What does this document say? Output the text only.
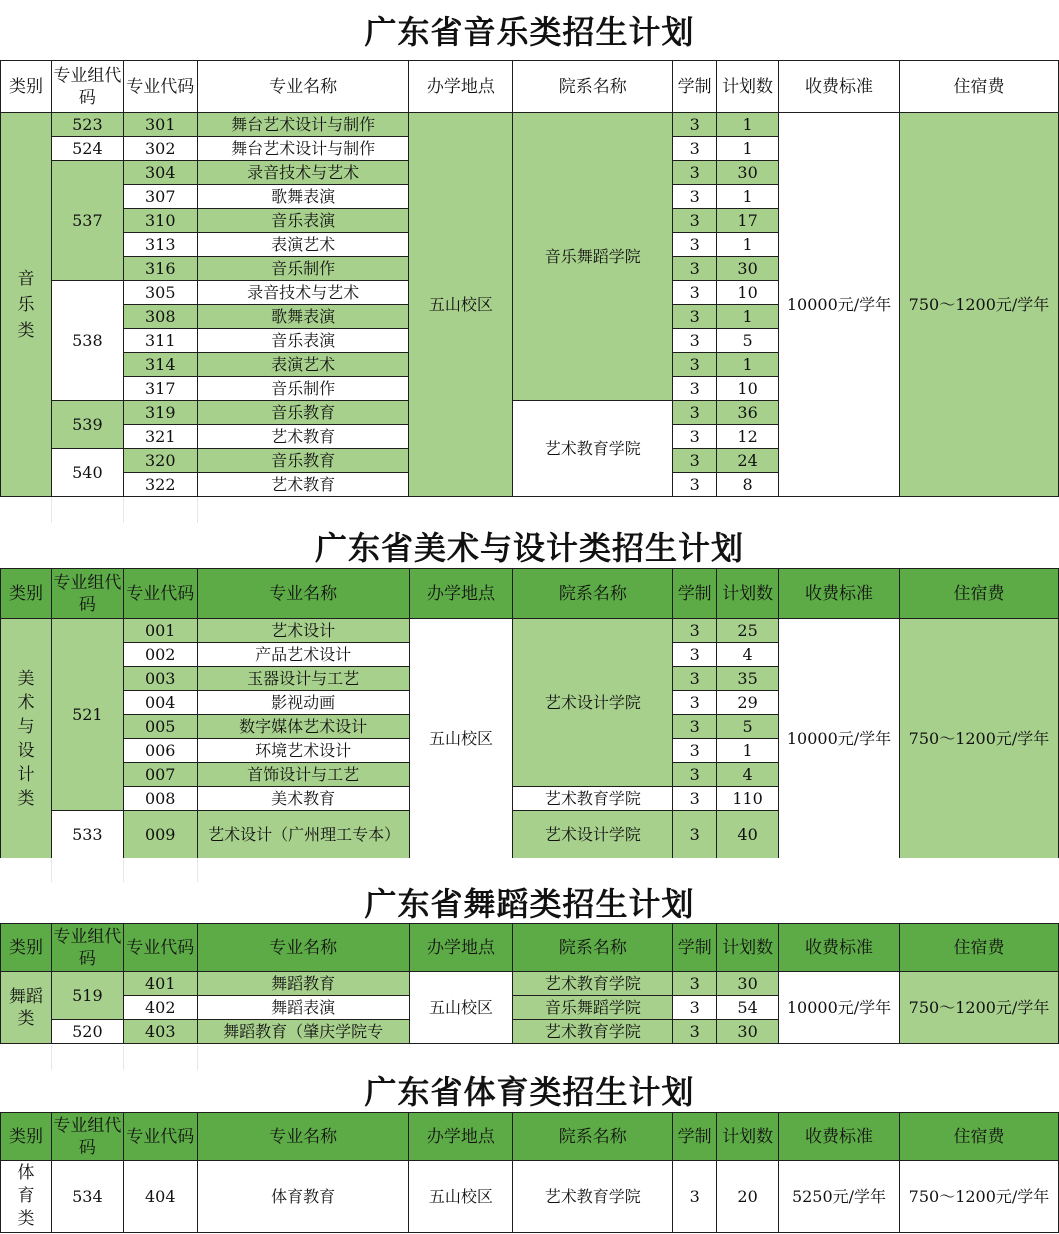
广东省音乐类招生计划
类别	专业组代码	专业代码	专业名称	办学地点	院系名称	学制	计划数	收费标准	住宿费

音乐类	523	301	舞台艺术设计与制作	五山校区	音乐舞蹈学院	3	1	10000元/学年	750～1200元/学年
	524	302	舞台艺术设计与制作			3	1		
	537	304	录音技术与艺术			3	30		
		307	歌舞表演			3	1		
		310	音乐表演			3	17		
		313	表演艺术			3	1		
		316	音乐制作			3	30		
	538	305	录音技术与艺术			3	10		
		308	歌舞表演			3	1		
		311	音乐表演			3	5		
		314	表演艺术			3	1		
		317	音乐制作			3	10		
	539	319	音乐教育		艺术教育学院	3	36		
		321	艺术教育			3	12		
	540	320	音乐教育			3	24		
		322	艺术教育			3	8		
广东省美术与设计类招生计划
类别	专业组代码	专业代码	专业名称	办学地点	院系名称	学制	计划数	收费标准	住宿费

美术与设计类	521	001	艺术设计	五山校区	艺术设计学院	3	25	10000元/学年	750～1200元/学年
		002	产品艺术设计			3	4		
		003	玉器设计与工艺			3	35		
		004	影视动画			3	29		
		005	数字媒体艺术设计			3	5		
		006	环境艺术设计			3	1		
		007	首饰设计与工艺			3	4		
		008	美术教育		艺术教育学院	3	110		
	533	009	艺术设计（广州理工专本）		艺术设计学院	3	40		
广东省舞蹈类招生计划
类别	专业组代码	专业代码	专业名称	办学地点	院系名称	学制	计划数	收费标准	住宿费

舞蹈类	519	401	舞蹈教育	五山校区	艺术教育学院	3	30	10000元/学年	750～1200元/学年
		402	舞蹈表演		音乐舞蹈学院	3	54		
	520	403	舞蹈教育（肇庆学院专		艺术教育学院	3	30		
广东省体育类招生计划
类别	专业组代码	专业代码	专业名称	办学地点	院系名称	学制	计划数	收费标准	住宿费

体育类	534	404	体育教育	五山校区	艺术教育学院	3	20	5250元/学年	750～1200元/学年
